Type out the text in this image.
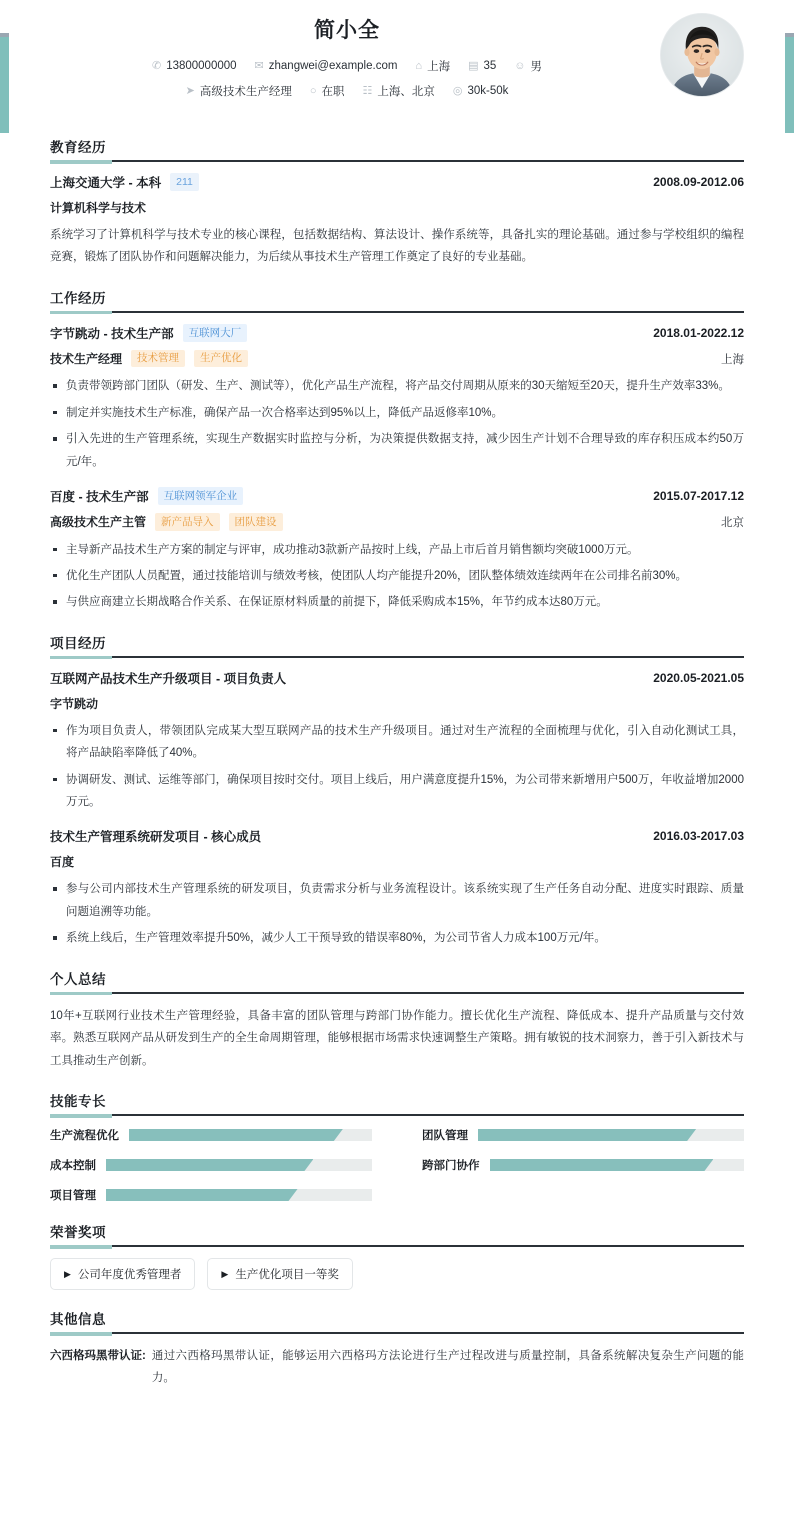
简小全
✆ 13800000000 ✉ zhangwei@example.com ⌂ 上海 ▤ 35 ☺ 男
➤ 高级技术生产经理 ○ 在职 ☷ 上海、北京 ◎ 30k-50k
教育经历
上海交通大学 - 本科	211	2008.09-2012.06
计算机科学与技术
系统学习了计算机科学与技术专业的核心课程，包括数据结构、算法设计、操作系统等，具备扎实的理论基础。通过参与学校组织的编程竞赛，锻炼了团队协作和问题解决能力，为后续从事技术生产管理工作奠定了良好的专业基础。
工作经历
字节跳动 - 技术生产部	互联网大厂	2018.01-2022.12
技术生产经理	技术管理	生产优化	上海
负责带领跨部门团队（研发、生产、测试等），优化产品生产流程，将产品交付周期从原来的30天缩短至20天，提升生产效率33%。
制定并实施技术生产标准，确保产品一次合格率达到95%以上，降低产品返修率10%。
引入先进的生产管理系统，实现生产数据实时监控与分析，为决策提供数据支持，减少因生产计划不合理导致的库存积压成本约50万元/年。
百度 - 技术生产部	互联网领军企业	2015.07-2017.12
高级技术生产主管	新产品导入	团队建设	北京
主导新产品技术生产方案的制定与评审，成功推动3款新产品按时上线，产品上市后首月销售额均突破1000万元。
优化生产团队人员配置，通过技能培训与绩效考核，使团队人均产能提升20%，团队整体绩效连续两年在公司排名前30%。
与供应商建立长期战略合作关系、在保证原材料质量的前提下，降低采购成本15%，年节约成本达80万元。
项目经历
互联网产品技术生产升级项目 - 项目负责人	2020.05-2021.05
字节跳动
作为项目负责人，带领团队完成某大型互联网产品的技术生产升级项目。通过对生产流程的全面梳理与优化，引入自动化测试工具，将产品缺陷率降低了40%。
协调研发、测试、运维等部门，确保项目按时交付。项目上线后，用户满意度提升15%，为公司带来新增用户500万，年收益增加2000万元。
技术生产管理系统研发项目 - 核心成员	2016.03-2017.03
百度
参与公司内部技术生产管理系统的研发项目，负责需求分析与业务流程设计。该系统实现了生产任务自动分配、进度实时跟踪、质量问题追溯等功能。
系统上线后，生产管理效率提升50%，减少人工干预导致的错误率80%，为公司节省人力成本100万元/年。
个人总结
10年+互联网行业技术生产管理经验，具备丰富的团队管理与跨部门协作能力。擅长优化生产流程、降低成本、提升产品质量与交付效率。熟悉互联网产品从研发到生产的全生命周期管理，能够根据市场需求快速调整生产策略。拥有敏锐的技术洞察力，善于引入新技术与工具推动生产创新。
技能专长
生产流程优化	团队管理
成本控制	跨部门协作
项目管理
荣誉奖项
▶ 公司年度优秀管理者	▶ 生产优化项目一等奖
其他信息
六西格玛黑带认证: 通过六西格玛黑带认证，能够运用六西格玛方法论进行生产过程改进与质量控制，具备系统解决复杂生产问题的能力。
